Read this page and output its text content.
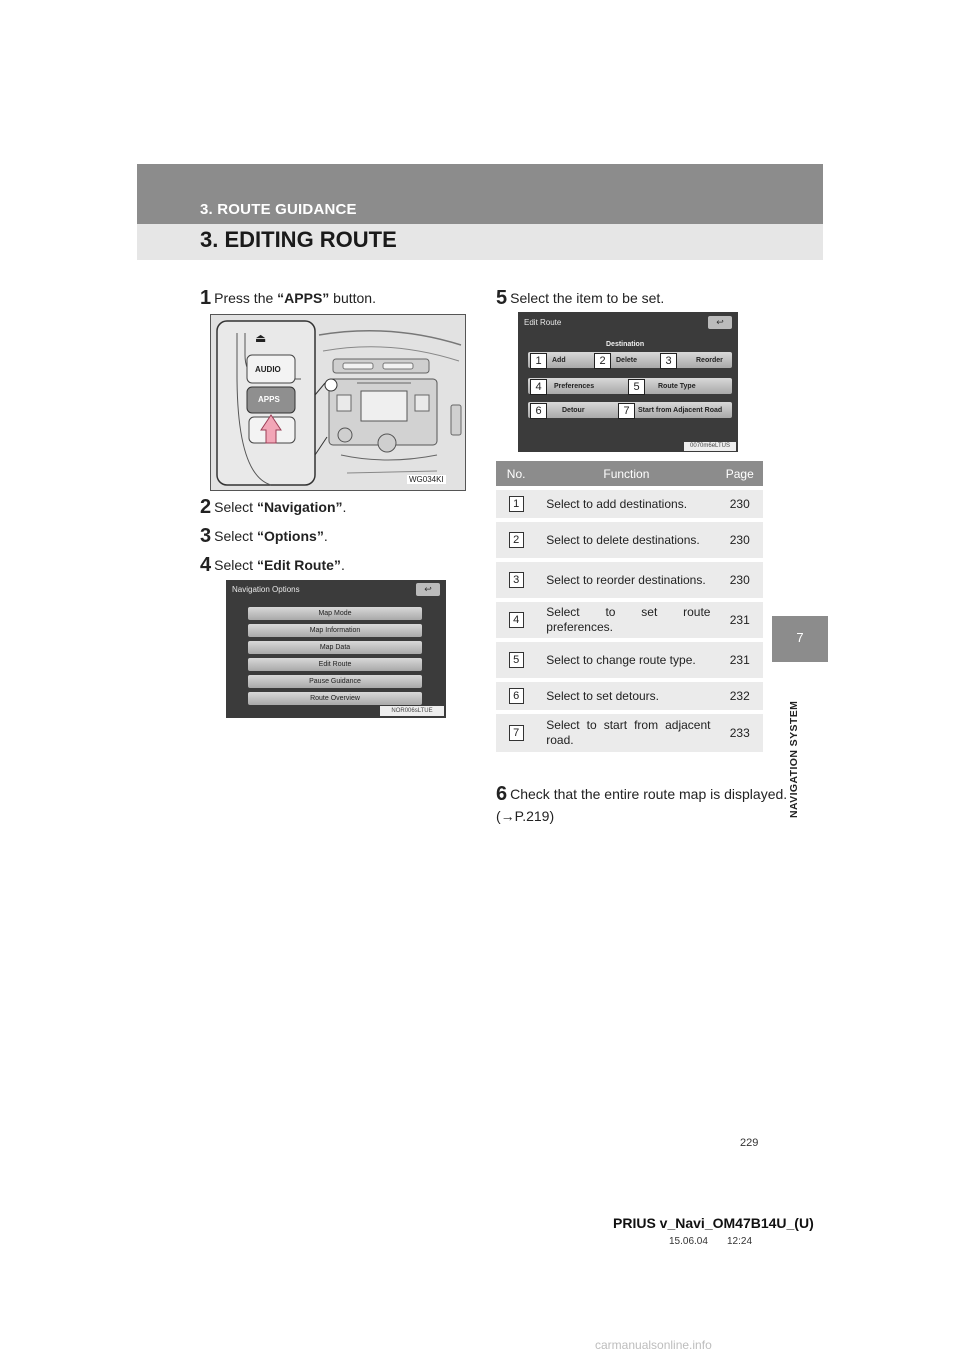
3. ROUTE GUIDANCE
3. EDITING ROUTE
7
NAVIGATION SYSTEM
1 Press the “APPS” button.
⏏
AUDIO
APPS
WG034KI
2 Select “Navigation”.
3 Select “Options”.
4 Select “Edit Route”.
Navigation Options	↩
Map Mode
Map Information
Map Data
Edit Route
Pause Guidance
Route Overview
NOR006sLTUE
5 Select the item to be set.
Edit Route	↩
Destination
1	Add	2	Delete	3	Reorder
4	Preferences	5	Route Type
6	Detour	7	Start from Adjacent Road
0070m6eLTUS
No.	Function	Page
1	Select to add destinations.	230
2	Select to delete destinations.	230
3	Select to reorder destinations.	230
4	Select to set route preferences.	231
5	Select to change route type.	231
6	Select to set detours.	232
7	Select to start from adjacent road.	233
6 Check that the entire route map is displayed. (→P.219)
229
PRIUS v_Navi_OM47B14U_(U)
15.06.04 12:24
carmanualsonline.info
